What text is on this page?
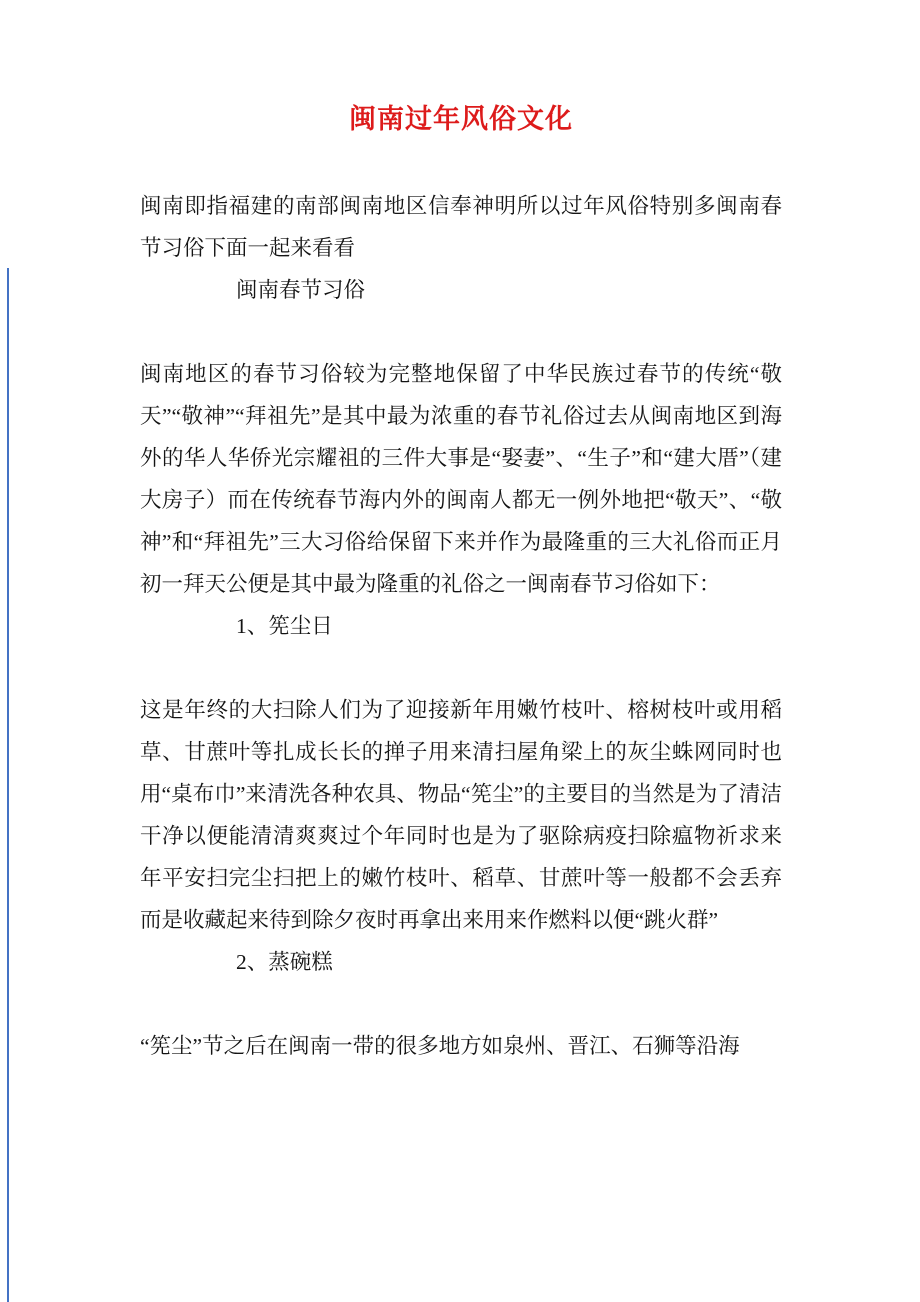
闽南过年风俗文化

闽南即指福建的南部闽南地区信奉神明所以过年风俗特别多闽南春节习俗下面一起来看看

闽南春节习俗

闽南地区的春节习俗较为完整地保留了中华民族过春节的传统“敬天”“敬神”“拜祖先”是其中最为浓重的春节礼俗过去从闽南地区到海外的华人华侨光宗耀祖的三件大事是“娶妻”、“生子”和“建大厝”（建大房子）而在传统春节海内外的闽南人都无一例外地把“敬天”、“敬神”和“拜祖先”三大习俗给保留下来并作为最隆重的三大礼俗而正月初一拜天公便是其中最为隆重的礼俗之一闽南春节习俗如下：

1、筅尘日

这是年终的大扫除人们为了迎接新年用嫩竹枝叶、榕树枝叶或用稻草、甘蔗叶等扎成长长的掸子用来清扫屋角梁上的灰尘蛛网同时也用“桌布巾”来清洗各种农具、物品“筅尘”的主要目的当然是为了清洁干净以便能清清爽爽过个年同时也是为了驱除病疫扫除瘟物祈求来年平安扫完尘扫把上的嫩竹枝叶、稻草、甘蔗叶等一般都不会丢弃而是收藏起来待到除夕夜时再拿出来用来作燃料以便“跳火群”

2、蒸碗糕

“筅尘”节之后在闽南一带的很多地方如泉州、晋江、石狮等沿海
